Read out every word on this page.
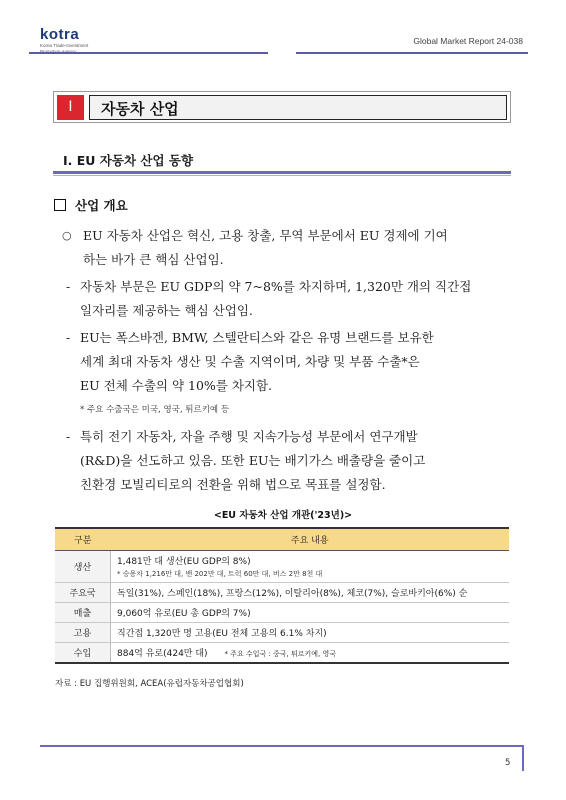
kotra
Korea Trade-Investment	Global Market Report 24-038
Ⅰ	자동차 산업
Ⅰ. EU 자동차 산업 동향
산업 개요
○ EU 자동차 산업은 혁신, 고용 창출, 무역 부문에서 EU 경제에 기여
하는 바가 큰 핵심 산업임.
- 자동차 부문은 EU GDP의 약 7~8%를 차지하며, 1,320만 개의 직간접
일자리를 제공하는 핵심 산업임.
- EU는 폭스바겐, BMW, 스텔란티스와 같은 유명 브랜드를 보유한
세계 최대 자동차 생산 및 수출 지역이며, 차량 및 부품 수출*은
EU 전체 수출의 약 10%를 차지함.
* 주요 수출국은 미국, 영국, 튀르키예 등
- 특히 전기 자동차, 자율 주행 및 지속가능성 부문에서 연구개발
(R&D)을 선도하고 있음. 또한 EU는 배기가스 배출량을 줄이고
친환경 모빌리티로의 전환을 위해 법으로 목표를 설정함.
<EU 자동차 산업 개관('23년)>
구분	주요 내용
생산	1,481만 대 생산(EU GDP의 8%)
* 승용차 1,216만 대, 밴 202만 대, 트럭 60만 대, 버스 2만 8천 대

주요국	독일(31%), 스페인(18%), 프랑스(12%), 이탈리아(8%), 체코(7%), 슬로바키아(6%) 순
매출	9,060억 유로(EU 총 GDP의 7%)
고용	직간접 1,320만 명 고용(EU 전체 고용의 6.1% 차지)
수입	884억 유로(424만 대) * 주요 수입국 : 중국, 튀르키예, 영국
자료 : EU 집행위원회, ACEA(유럽자동차공업협회)
5
